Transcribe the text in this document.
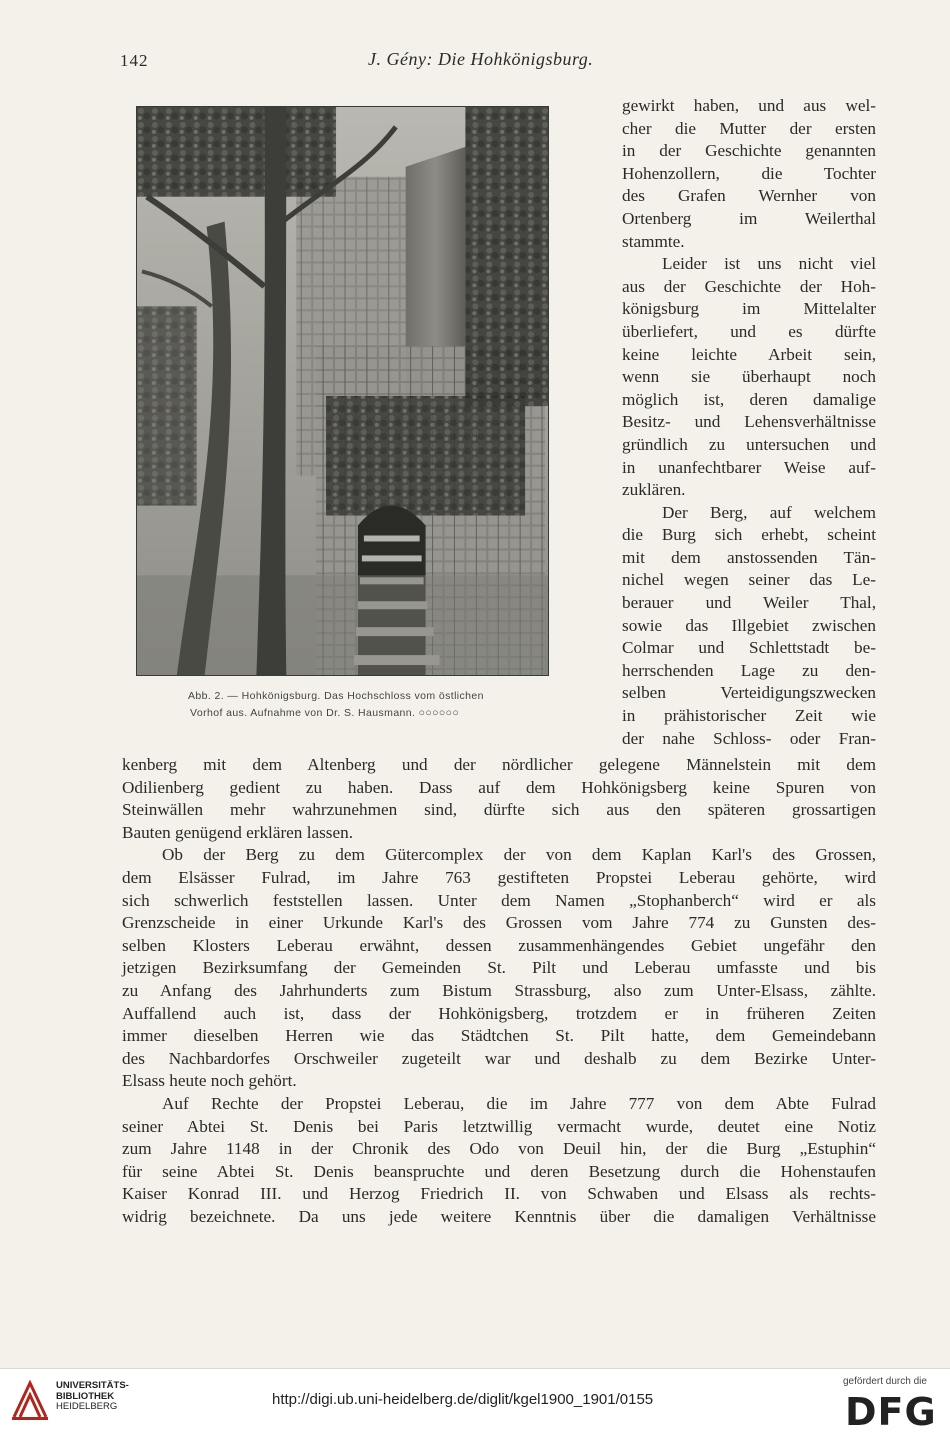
142	J. Gény: Die Hohkönigsburg.
Abb. 2. — Hohkönigsburg. Das Hochschloss vom östlichen
Vorhof aus. Aufnahme von Dr. S. Hausmann. ○○○○○○
gewirkt haben, und aus wel-
cher die Mutter der ersten
in der Geschichte genannten
Hohenzollern, die Tochter
des Grafen Wernher von
Ortenberg im Weilerthal
stammte.
Leider ist uns nicht viel
aus der Geschichte der Hoh-
königsburg im Mittelalter
überliefert, und es dürfte
keine leichte Arbeit sein,
wenn sie überhaupt noch
möglich ist, deren damalige
Besitz- und Lehensverhältnisse
gründlich zu untersuchen und
in unanfechtbarer Weise auf-
zuklären.
Der Berg, auf welchem
die Burg sich erhebt, scheint
mit dem anstossenden Tän-
nichel wegen seiner das Le-
berauer und Weiler Thal,
sowie das Illgebiet zwischen
Colmar und Schlettstadt be-
herrschenden Lage zu den-
selben Verteidigungszwecken
in prähistorischer Zeit wie
der nahe Schloss- oder Fran-
kenberg mit dem Altenberg und der nördlicher gelegene Männelstein mit dem
Odilienberg gedient zu haben. Dass auf dem Hohkönigsberg keine Spuren von
Steinwällen mehr wahrzunehmen sind, dürfte sich aus den späteren grossartigen
Bauten genügend erklären lassen.
Ob der Berg zu dem Gütercomplex der von dem Kaplan Karl's des Grossen,
dem Elsässer Fulrad, im Jahre 763 gestifteten Propstei Leberau gehörte, wird
sich schwerlich feststellen lassen. Unter dem Namen „Stophanberch“ wird er als
Grenzscheide in einer Urkunde Karl's des Grossen vom Jahre 774 zu Gunsten des-
selben Klosters Leberau erwähnt, dessen zusammenhängendes Gebiet ungefähr den
jetzigen Bezirksumfang der Gemeinden St. Pilt und Leberau umfasste und bis
zu Anfang des Jahrhunderts zum Bistum Strassburg, also zum Unter-Elsass, zählte.
Auffallend auch ist, dass der Hohkönigsberg, trotzdem er in früheren Zeiten
immer dieselben Herren wie das Städtchen St. Pilt hatte, dem Gemeindebann
des Nachbardorfes Orschweiler zugeteilt war und deshalb zu dem Bezirke Unter-
Elsass heute noch gehört.
Auf Rechte der Propstei Leberau, die im Jahre 777 von dem Abte Fulrad
seiner Abtei St. Denis bei Paris letztwillig vermacht wurde, deutet eine Notiz
zum Jahre 1148 in der Chronik des Odo von Deuil hin, der die Burg „Estuphin“
für seine Abtei St. Denis beanspruchte und deren Besetzung durch die Hohenstaufen
Kaiser Konrad III. und Herzog Friedrich II. von Schwaben und Elsass als rechts-
widrig bezeichnete. Da uns jede weitere Kenntnis über die damaligen Verhältnisse
UNIVERSITÄTS-
BIBLIOTHEK
HEIDELBERG	http://digi.ub.uni-heidelberg.de/diglit/kgel1900_1901/0155
gefördert durch die
DFG
